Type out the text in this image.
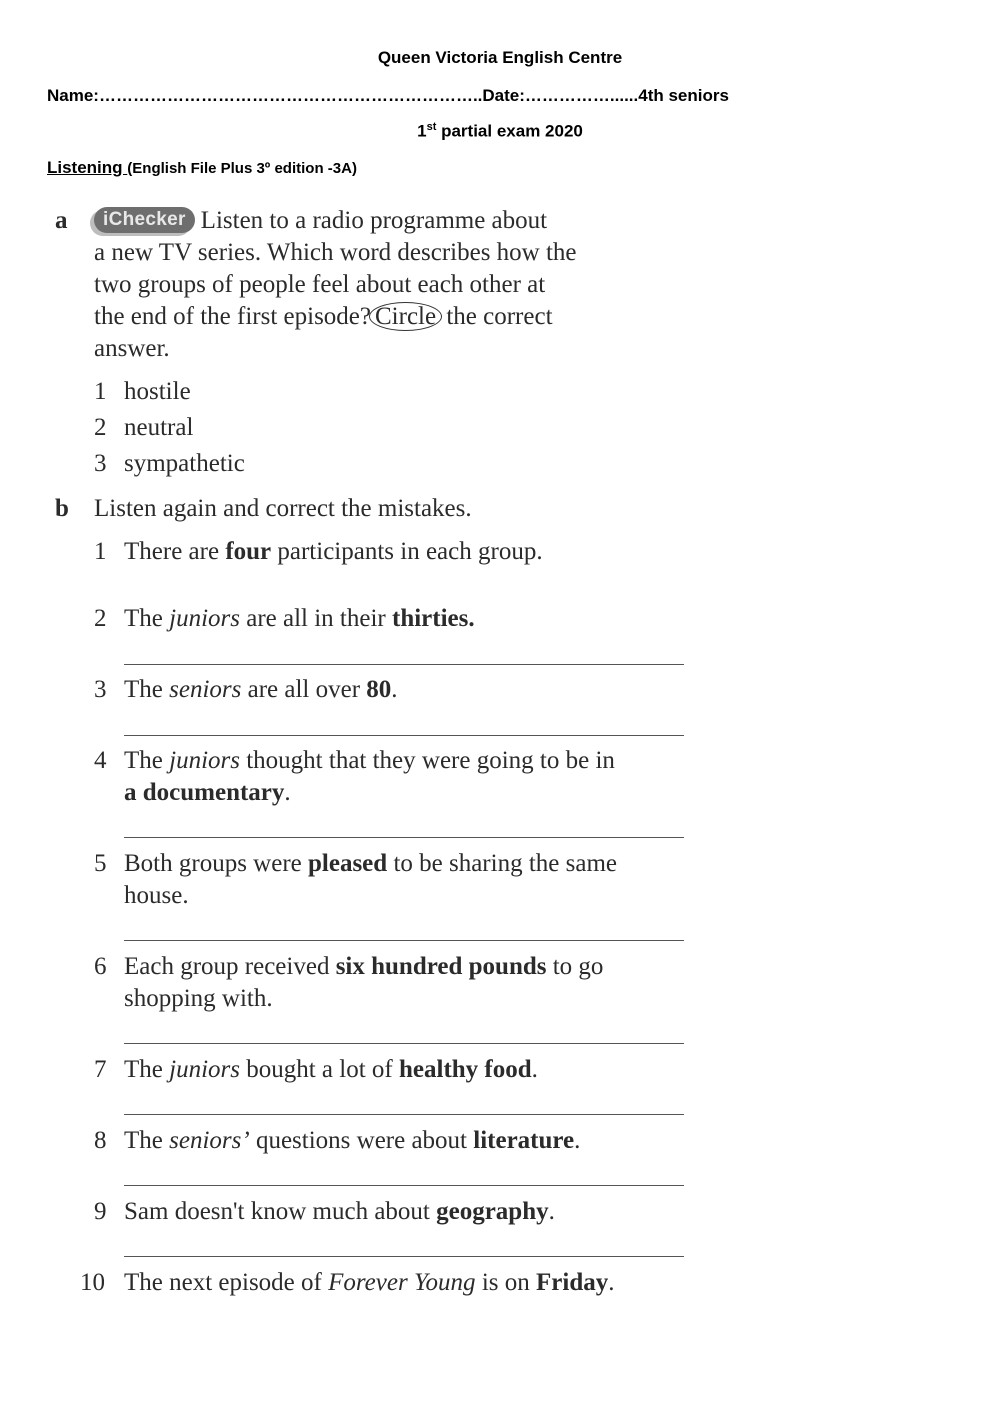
Queen Victoria English Centre
Name:…………………………………………………………..Date:……………......4th seniors
1st partial exam 2020
Listening (English File Plus 3º edition -3A)
a	iChecker Listen to a radio programme about
a new TV series. Which word describes how the
two groups of people feel about each other at
the end of the first episode? Circle the correct
answer.
1 hostile
2 neutral
3 sympathetic
b Listen again and correct the mistakes.
1 There are four participants in each group.
2 The juniors are all in their thirties.
3 The seniors are all over 80.
4 The juniors thought that they were going to be in
a documentary.
5 Both groups were pleased to be sharing the same
house.
6 Each group received six hundred pounds to go
shopping with.
7 The juniors bought a lot of healthy food.
8 The seniors’ questions were about literature.
9 Sam doesn't know much about geography.
10 The next episode of Forever Young is on Friday.
